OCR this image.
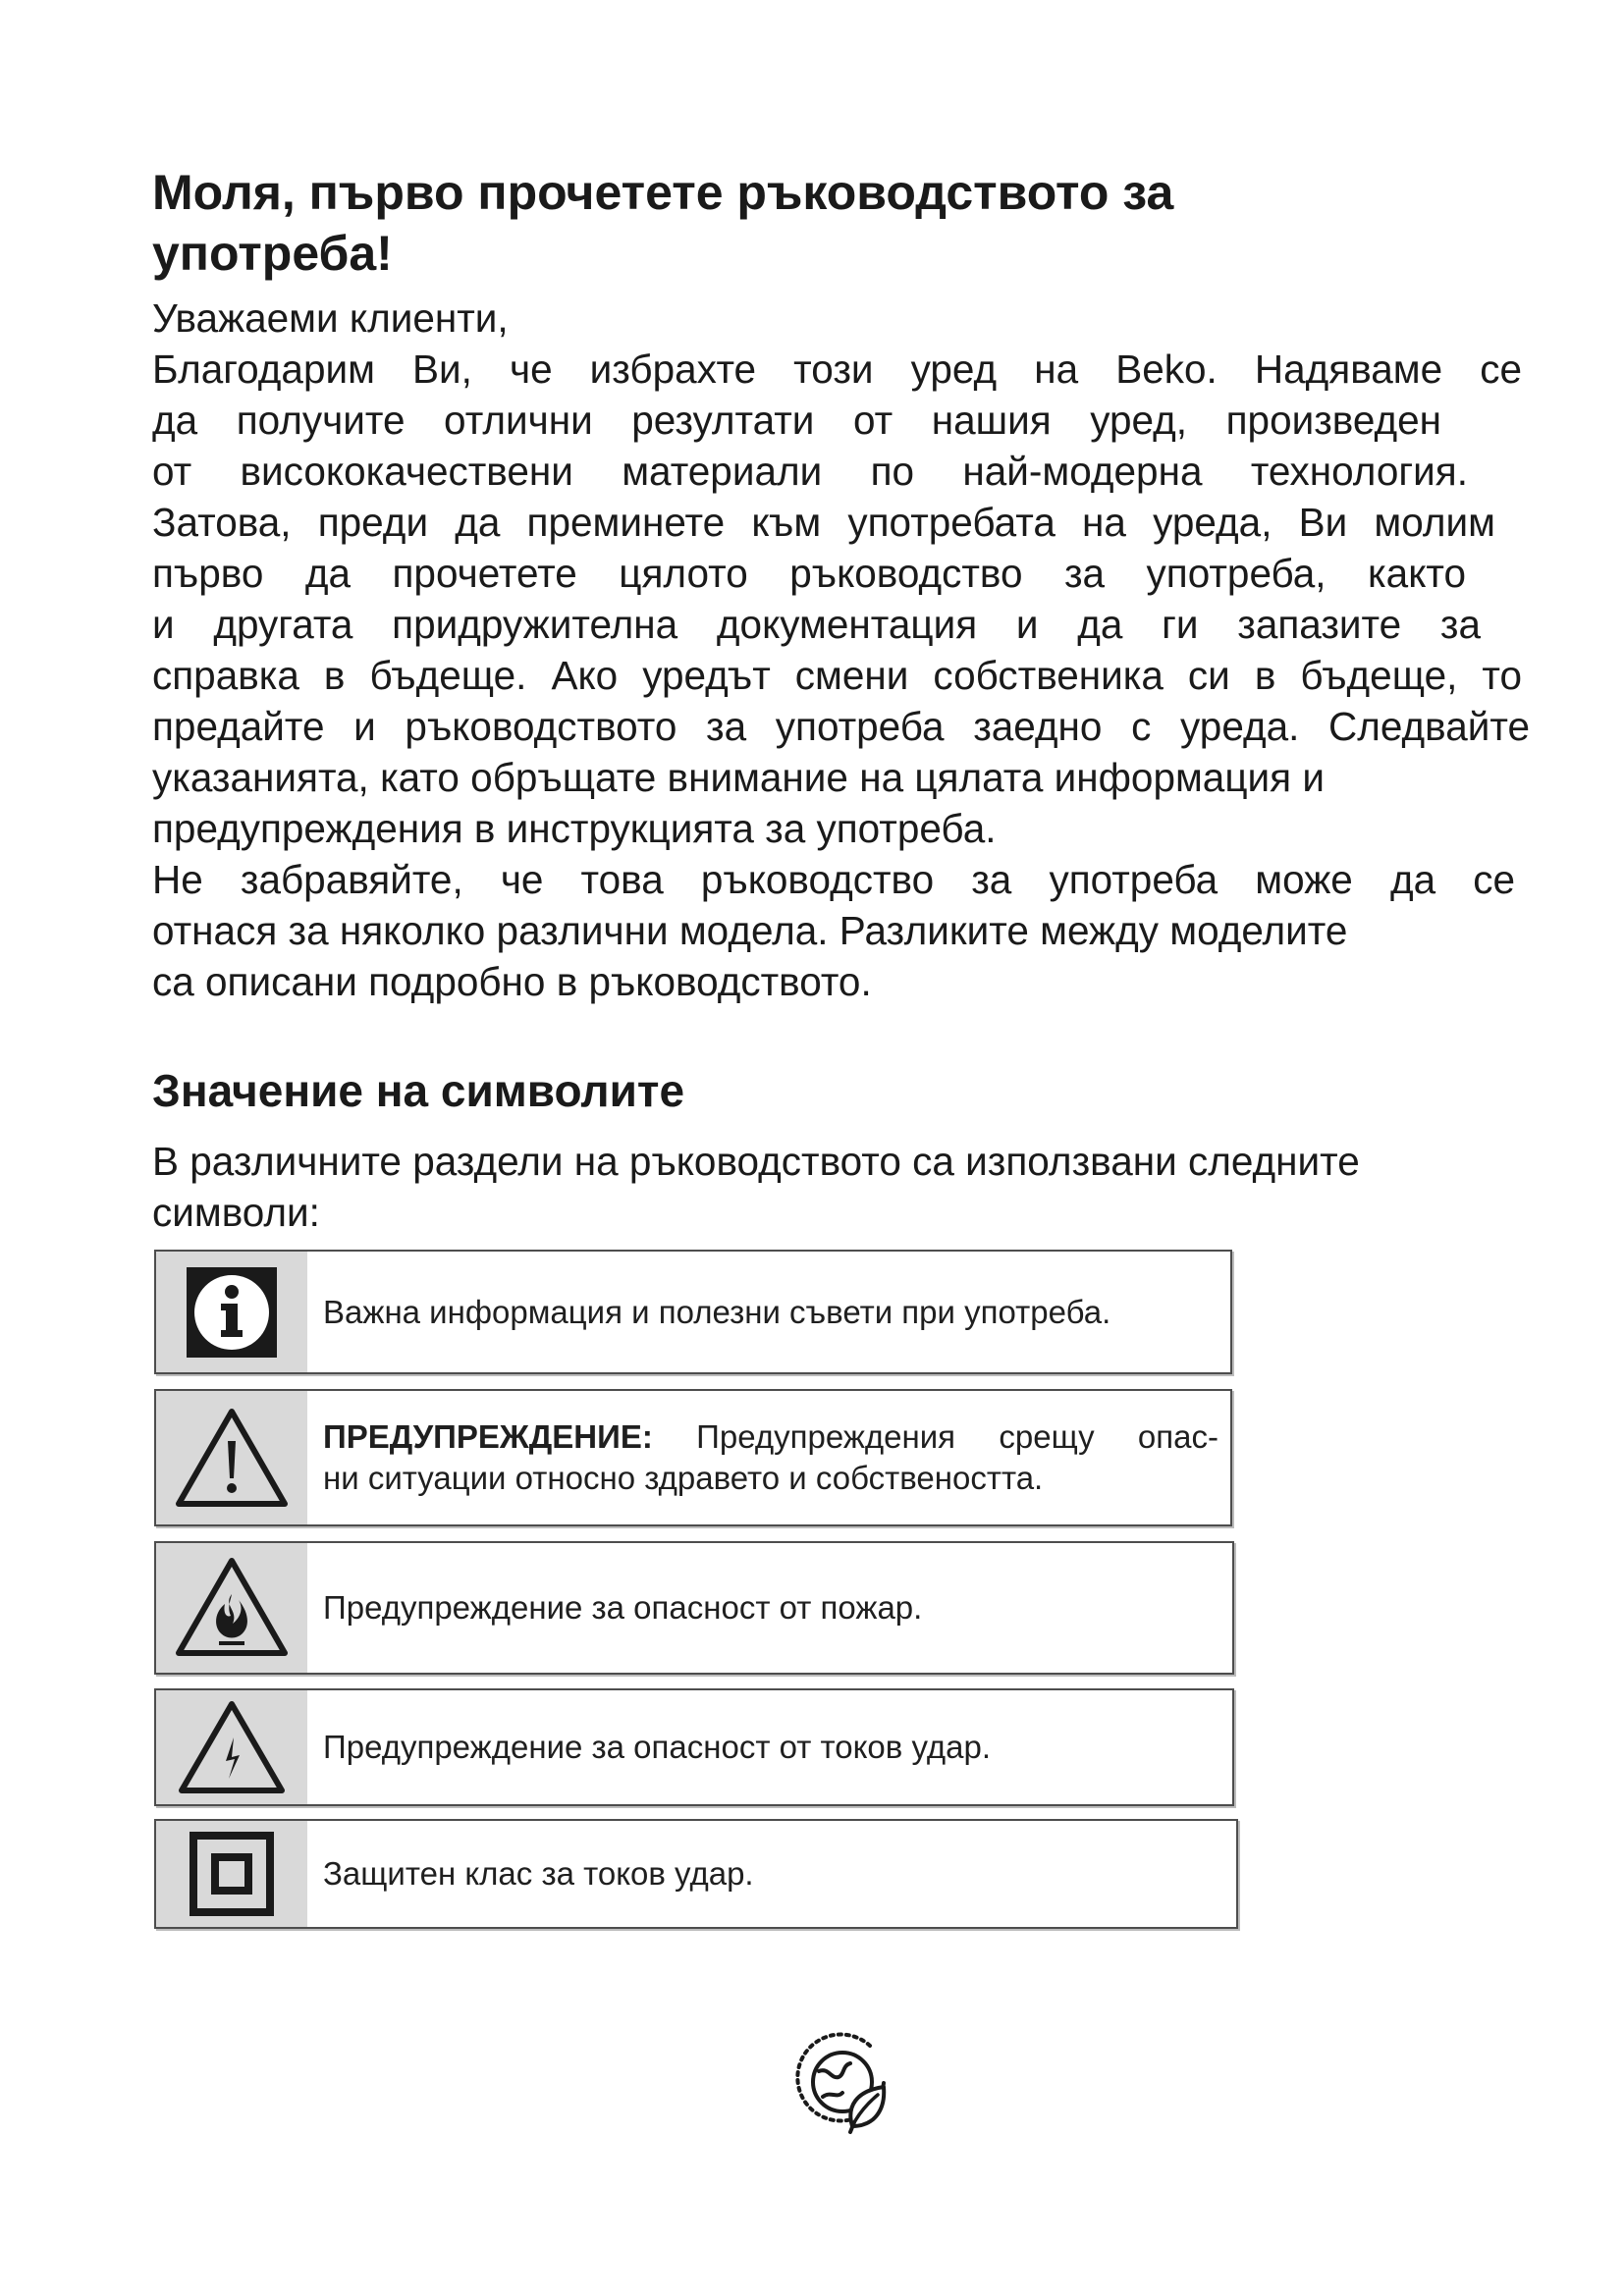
Моля, първо прочетете ръководството за
употреба!
Уважаеми клиенти,
Благодарим Ви, че избрахте този уред на Beko. Надяваме се
да получите отлични резултати от нашия уред, произведен
от висококачествени материали по най-модерна технология.
Затова, преди да преминете към употребата на уреда, Ви молим
първо да прочетете цялото ръководство за употреба, както
и другата придружителна документация и да ги запазите за
справка в бъдеще. Ако уредът смени собственика си в бъдеще, то
предайте и ръководството за употреба заедно с уреда. Следвайте
указанията, като обръщате внимание на цялата информация и
предупреждения в инструкцията за употреба.
Не забравяйте, че това ръководство за употреба може да се
отнася за няколко различни модела. Разликите между моделите
са описани подробно в ръководството.
Значение на символите
В различните раздели на ръководството са използвани следните
символи:
Важна информация и полезни съвети при употреба.
ПРЕДУПРЕЖДЕНИЕ: Предупреждения срещу опас-
ни ситуации относно здравето и собствеността.
Предупреждение за опасност от пожар.
Предупреждение за опасност от токов удар.
Защитен клас за токов удар.
